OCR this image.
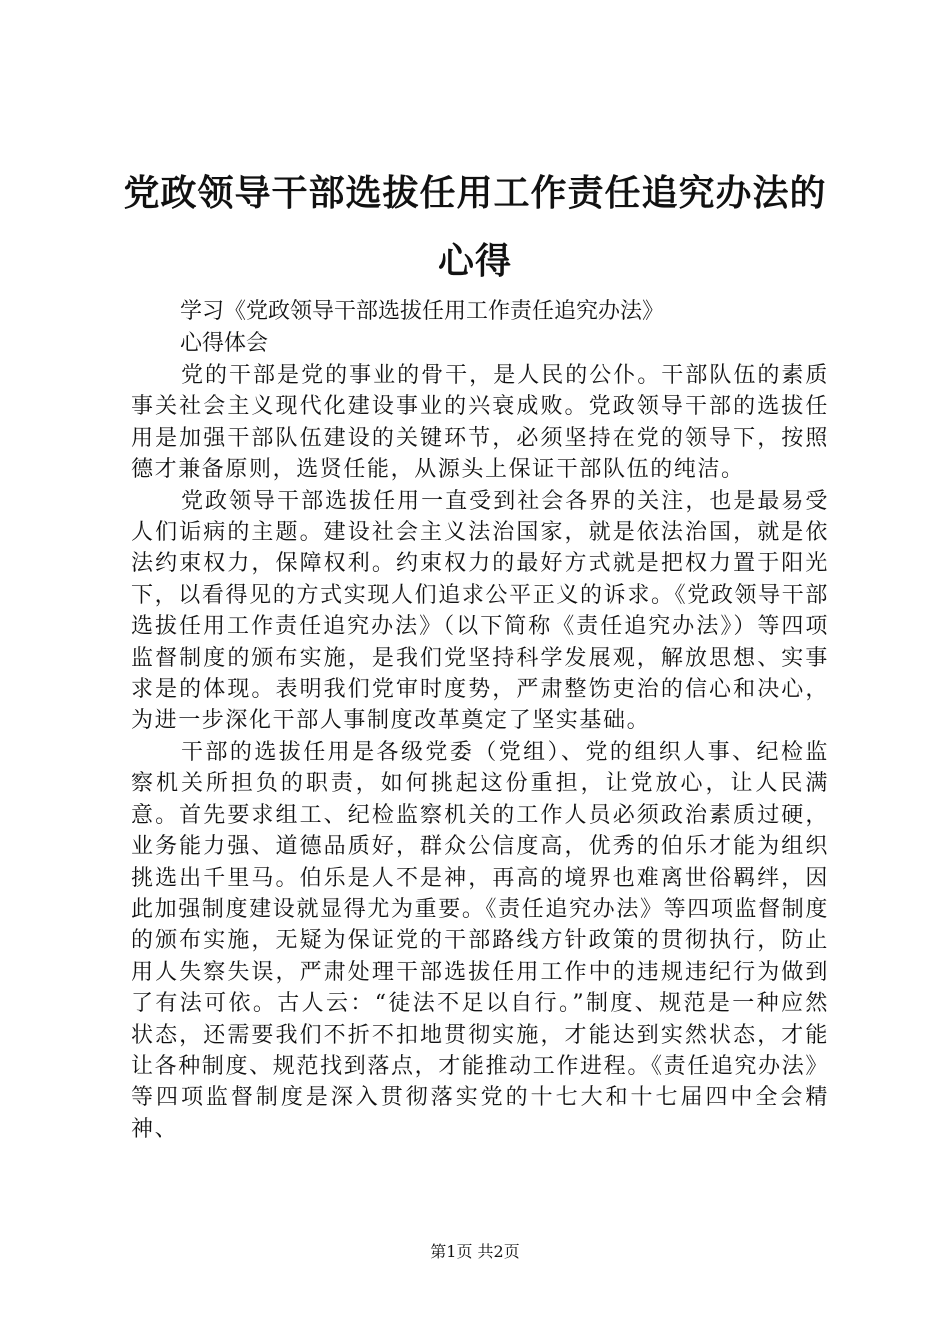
党政领导干部选拔任用工作责任追究办法的心得
学习《党政领导干部选拔任用工作责任追究办法》
心得体会

党的干部是党的事业的骨干，是人民的公仆。干部队伍的素质事关社会主义现代化建设事业的兴衰成败。党政领导干部的选拔任用是加强干部队伍建设的关键环节，必须坚持在党的领导下，按照德才兼备原则，选贤任能，从源头上保证干部队伍的纯洁。

党政领导干部选拔任用一直受到社会各界的关注，也是最易受人们诟病的主题。建设社会主义法治国家，就是依法治国，就是依法约束权力，保障权利。约束权力的最好方式就是把权力置于阳光下，以看得见的方式实现人们追求公平正义的诉求。《党政领导干部选拔任用工作责任追究办法》（以下简称《责任追究办法》）等四项监督制度的颁布实施，是我们党坚持科学发展观，解放思想、实事求是的体现。表明我们党审时度势，严肃整饬吏治的信心和决心，为进一步深化干部人事制度改革奠定了坚实基础。

干部的选拔任用是各级党委（党组）、党的组织人事、纪检监察机关所担负的职责，如何挑起这份重担，让党放心，让人民满意。首先要求组工、纪检监察机关的工作人员必须政治素质过硬，业务能力强、道德品质好，群众公信度高，优秀的伯乐才能为组织挑选出千里马。伯乐是人不是神，再高的境界也难离世俗羁绊，因此加强制度建设就显得尤为重要。《责任追究办法》等四项监督制度的颁布实施，无疑为保证党的干部路线方针政策的贯彻执行，防止用人失察失误，严肃处理干部选拔任用工作中的违规违纪行为做到了有法可依。古人云：“徒法不足以自行。”制度、规范是一种应然状态，还需要我们不折不扣地贯彻实施，才能达到实然状态，才能让各种制度、规范找到落点，才能推动工作进程。《责任追究办法》等四项监督制度是深入贯彻落实党的十七大和十七届四中全会精神、

第1页 共2页
